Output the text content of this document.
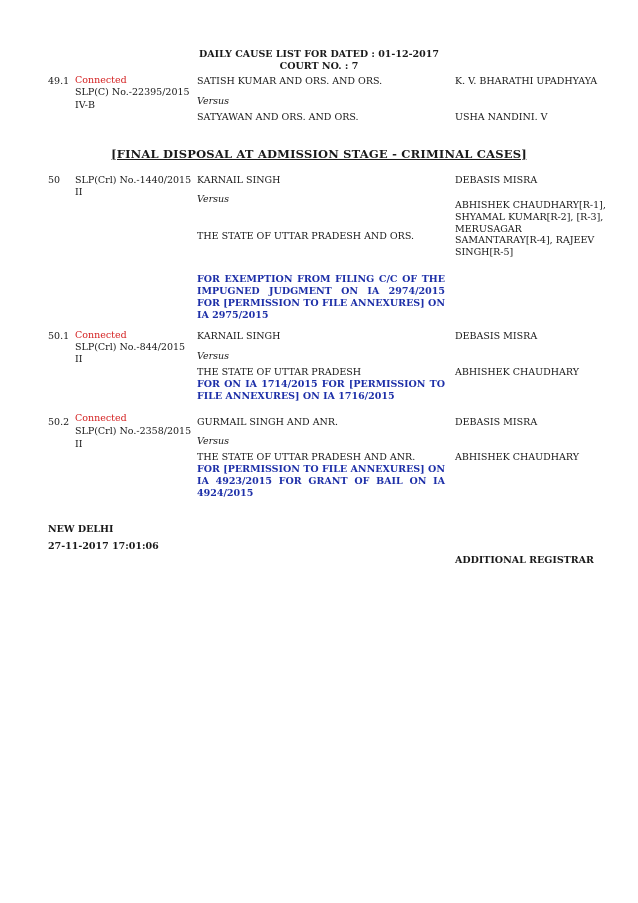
DAILY CAUSE LIST FOR DATED : 01-12-2017
COURT NO. : 7
49.1 Connected
SLP(C) No.-22395/2015
IV-B
SATISH KUMAR AND ORS. AND ORS.
Versus
SATYAWAN AND ORS. AND ORS.
K. V. BHARATHI UPADHYAYA
USHA NANDINI. V
[FINAL DISPOSAL AT ADMISSION STAGE - CRIMINAL CASES]
50 SLP(Crl) No.-1440/2015
II
KARNAIL SINGH
Versus
THE STATE OF UTTAR PRADESH AND ORS.
DEBASIS MISRA
ABHISHEK CHAUDHARY[R-1], SHYAMAL KUMAR[R-2], [R-3], MERUSAGAR SAMANTARAY[R-4], RAJEEV SINGH[R-5]
FOR EXEMPTION FROM FILING C/C OF THE IMPUGNED JUDGMENT ON IA 2974/2015 FOR [PERMISSION TO FILE ANNEXURES] ON IA 2975/2015
50.1 Connected
SLP(Crl) No.-844/2015
II
KARNAIL SINGH
Versus
THE STATE OF UTTAR PRADESH
DEBASIS MISRA
ABHISHEK CHAUDHARY
FOR ON IA 1714/2015 FOR [PERMISSION TO FILE ANNEXURES] ON IA 1716/2015
50.2 Connected
SLP(Crl) No.-2358/2015
II
GURMAIL SINGH AND ANR.
Versus
THE STATE OF UTTAR PRADESH AND ANR.
DEBASIS MISRA
ABHISHEK CHAUDHARY
FOR [PERMISSION TO FILE ANNEXURES] ON IA 4923/2015 FOR GRANT OF BAIL ON IA 4924/2015
NEW DELHI
27-11-2017 17:01:06
ADDITIONAL REGISTRAR
